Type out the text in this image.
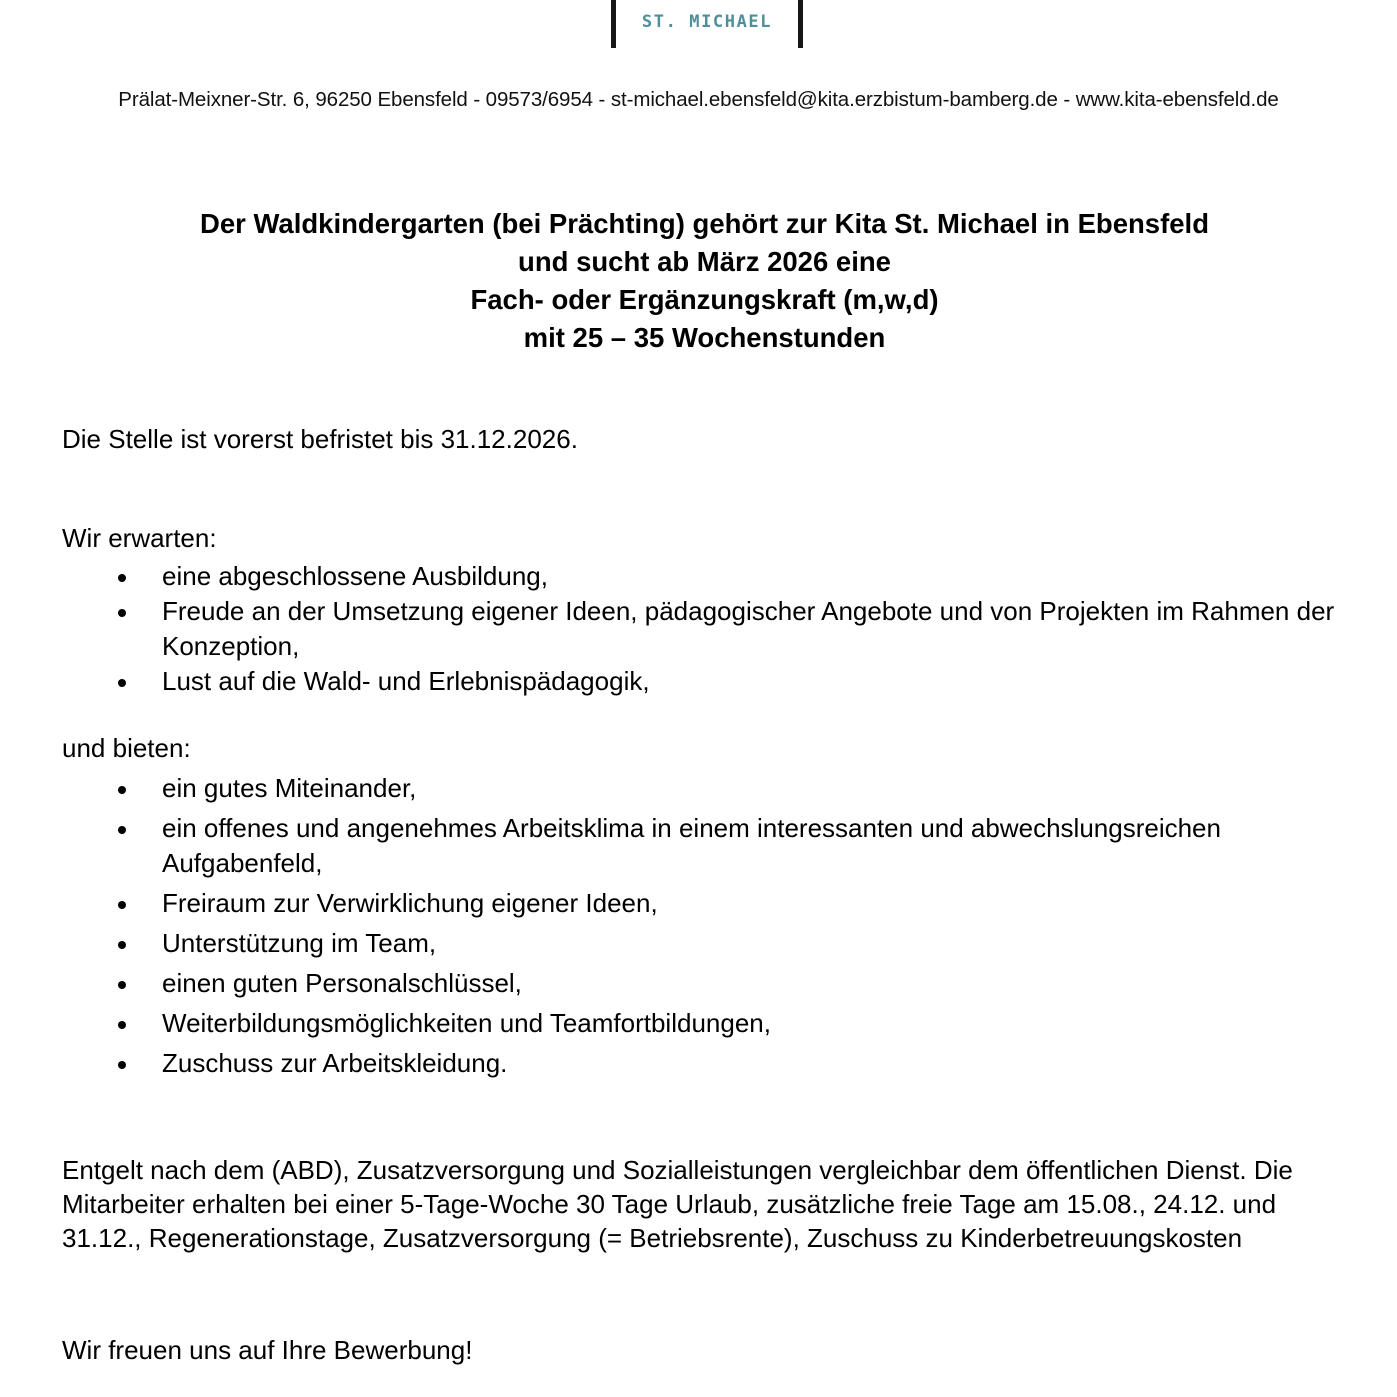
ST. MICHAEL
Prälat-Meixner-Str. 6, 96250 Ebensfeld - 09573/6954 - st-michael.ebensfeld@kita.erzbistum-bamberg.de - www.kita-ebensfeld.de
Der Waldkindergarten (bei Prächting) gehört zur Kita St. Michael in Ebensfeld
und sucht ab März 2026 eine
Fach- oder Ergänzungskraft (m,w,d)
mit 25 – 35 Wochenstunden

Die Stelle ist vorerst befristet bis 31.12.2026.

Wir erwarten:

eine abgeschlossene Ausbildung,
Freude an der Umsetzung eigener Ideen, pädagogischer Angebote und von Projekten im Rahmen der Konzeption,
Lust auf die Wald- und Erlebnispädagogik,

und bieten:

ein gutes Miteinander,
ein offenes und angenehmes Arbeitsklima in einem interessanten und abwechslungsreichen Aufgabenfeld,
Freiraum zur Verwirklichung eigener Ideen,
Unterstützung im Team,
einen guten Personalschlüssel,
Weiterbildungsmöglichkeiten und Teamfortbildungen,
Zuschuss zur Arbeitskleidung.

Entgelt nach dem (ABD), Zusatzversorgung und Sozialleistungen vergleichbar dem öffentlichen Dienst. Die Mitarbeiter erhalten bei einer 5-Tage-Woche 30 Tage Urlaub, zusätzliche freie Tage am 15.08., 24.12. und 31.12., Regenerationstage, Zusatzversorgung (= Betriebsrente), Zuschuss zu Kinderbetreuungskosten

Wir freuen uns auf Ihre Bewerbung!
